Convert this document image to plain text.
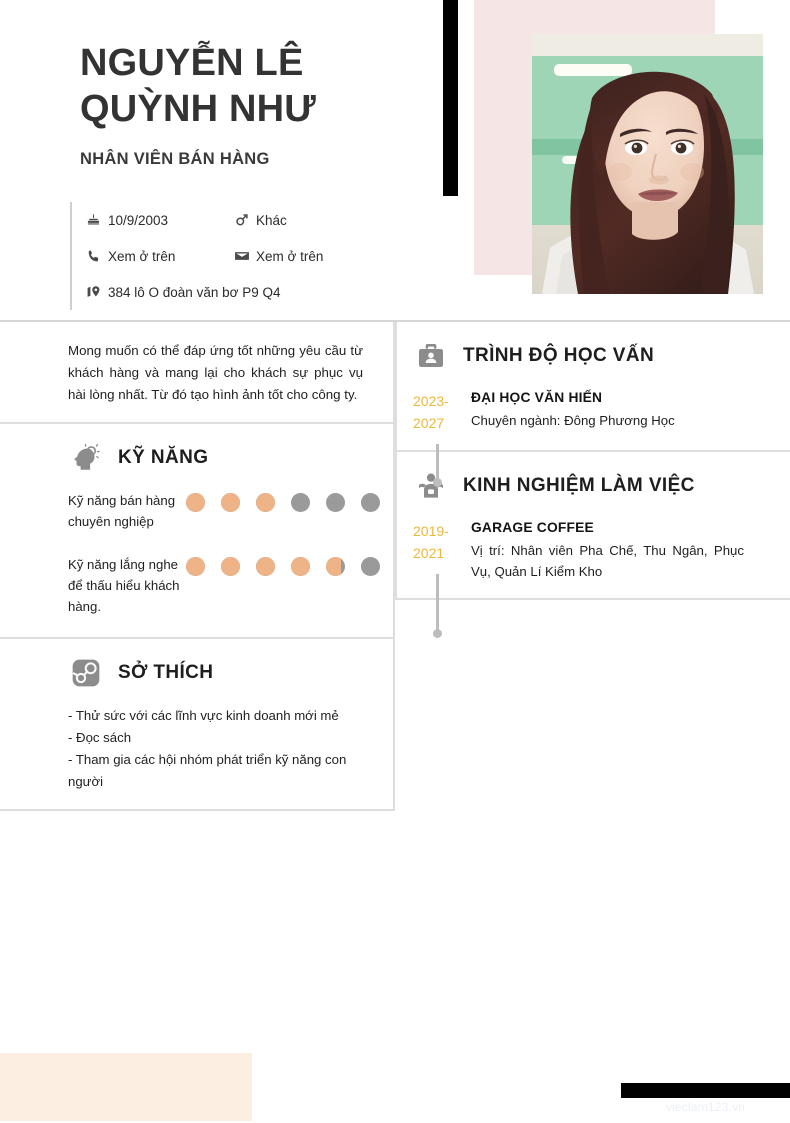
NGUYỄN LÊ
QUỲNH NHƯ
NHÂN VIÊN BÁN HÀNG
10/9/2003	Khác
Xem ở trên	Xem ở trên
384 lô O đoàn văn bơ P9 Q4
Mong muốn có thể đáp ứng tốt những yêu cầu từ khách hàng và mang lại cho khách sự phục vụ hài lòng nhất. Từ đó tạo hình ảnh tốt cho công ty.
KỸ NĂNG
Kỹ năng bán hàng chuyên nghiệp
Kỹ năng lắng nghe để thấu hiểu khách hàng.
SỞ THÍCH

- Thử sức với các lĩnh vực kinh doanh mới mẻ

- Đọc sách

- Tham gia các hội nhóm phát triển kỹ năng con người

TRÌNH ĐỘ HỌC VẤN
2023-
2027
ĐẠI HỌC VĂN HIẾN
Chuyên ngành: Đông Phương Học
KINH NGHIỆM LÀM VIỆC
2019-
2021
GARAGE COFFEE
Vị trí: Nhân viên Pha Chế, Thu Ngân, Phục Vụ, Quản Lí Kiểm Kho
vieclam123.vn
